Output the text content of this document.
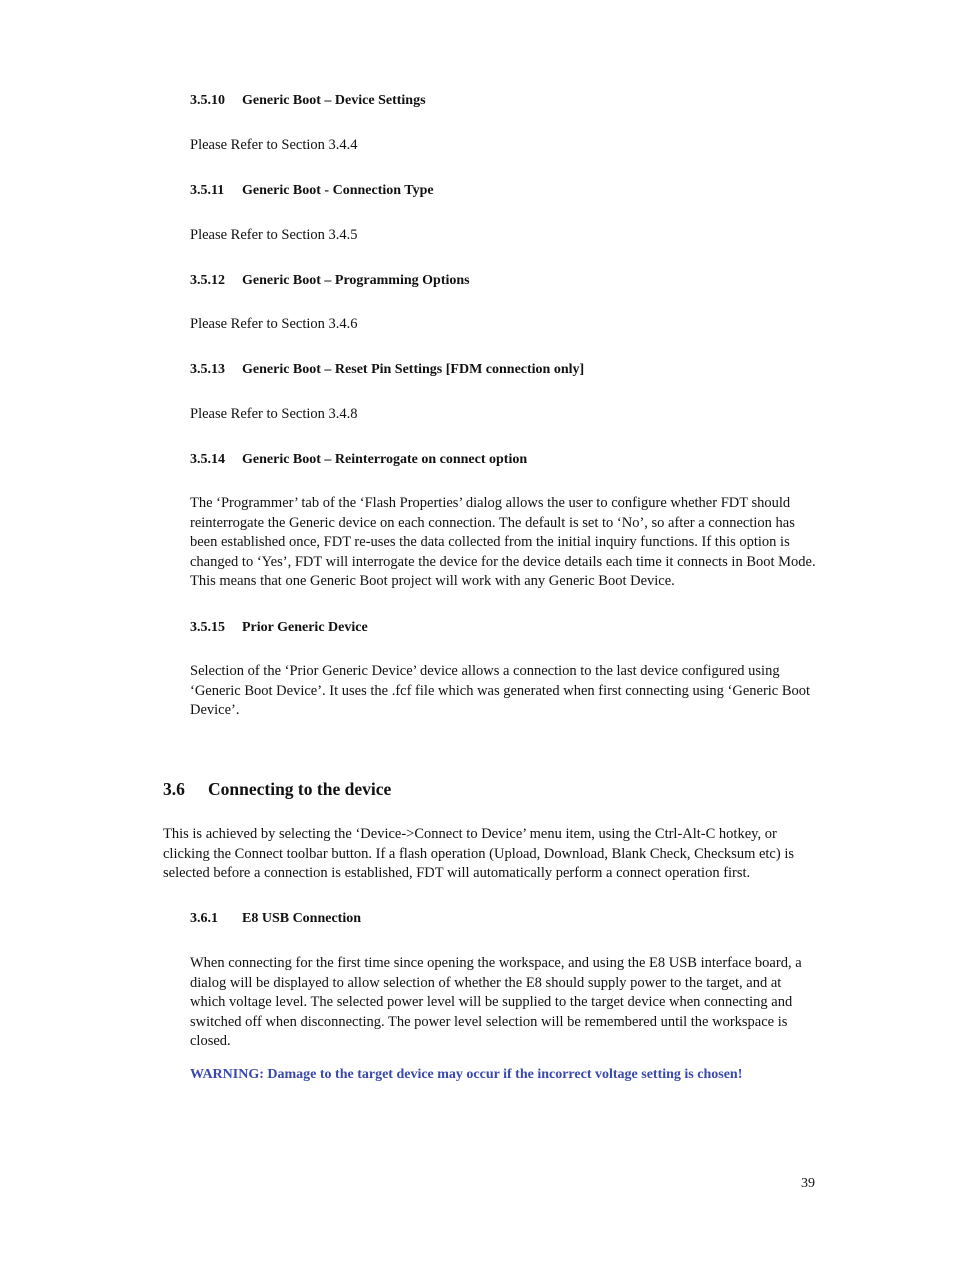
3.5.10 Generic Boot – Device Settings
Please Refer to Section 3.4.4
3.5.11 Generic Boot - Connection Type
Please Refer to Section 3.4.5
3.5.12 Generic Boot – Programming Options
Please Refer to Section 3.4.6
3.5.13 Generic Boot – Reset Pin Settings [FDM connection only]
Please Refer to Section 3.4.8
3.5.14 Generic Boot – Reinterrogate on connect option
The ‘Programmer’ tab of the ‘Flash Properties’ dialog allows the user to configure whether FDT should reinterrogate the Generic device on each connection. The default is set to ‘No’, so after a connection has been established once, FDT re-uses the data collected from the initial inquiry functions. If this option is changed to ‘Yes’, FDT will interrogate the device for the device details each time it connects in Boot Mode. This means that one Generic Boot project will work with any Generic Boot Device.
3.5.15 Prior Generic Device
Selection of the ‘Prior Generic Device’ device allows a connection to the last device configured using ‘Generic Boot Device’. It uses the .fcf file which was generated when first connecting using ‘Generic Boot Device’.
3.6 Connecting to the device
This is achieved by selecting the ‘Device->Connect to Device’ menu item, using the Ctrl-Alt-C hotkey, or clicking the Connect toolbar button. If a flash operation (Upload, Download, Blank Check, Checksum etc) is selected before a connection is established, FDT will automatically perform a connect operation first.
3.6.1 E8 USB Connection
When connecting for the first time since opening the workspace, and using the E8 USB interface board, a dialog will be displayed to allow selection of whether the E8 should supply power to the target, and at which voltage level. The selected power level will be supplied to the target device when connecting and switched off when disconnecting. The power level selection will be remembered until the workspace is closed.
WARNING: Damage to the target device may occur if the incorrect voltage setting is chosen!
39
